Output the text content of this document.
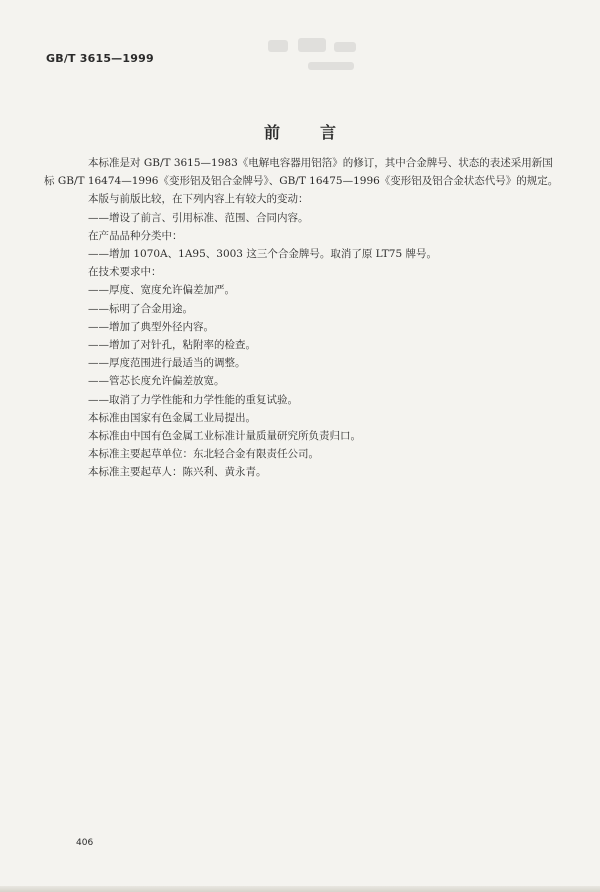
GB/T 3615—1999
前言
本标准是对 GB/T 3615—1983《电解电容器用铝箔》的修订，其中合金牌号、状态的表述采用新国
标 GB/T 16474—1996《变形铝及铝合金牌号》、GB/T 16475—1996《变形铝及铝合金状态代号》的规定。
本版与前版比较，在下列内容上有较大的变动：
——增设了前言、引用标准、范围、合同内容。
在产品品种分类中：
——增加 1070A、1A95、3003 这三个合金牌号。取消了原 LT75 牌号。
在技术要求中：
——厚度、宽度允许偏差加严。
——标明了合金用途。
——增加了典型外径内容。
——增加了对针孔，粘附率的检查。
——厚度范围进行最适当的调整。
——管芯长度允许偏差放宽。
——取消了力学性能和力学性能的重复试验。
本标准由国家有色金属工业局提出。
本标准由中国有色金属工业标准计量质量研究所负责归口。
本标准主要起草单位：东北轻合金有限责任公司。
本标准主要起草人：陈兴利、黄永青。
406
